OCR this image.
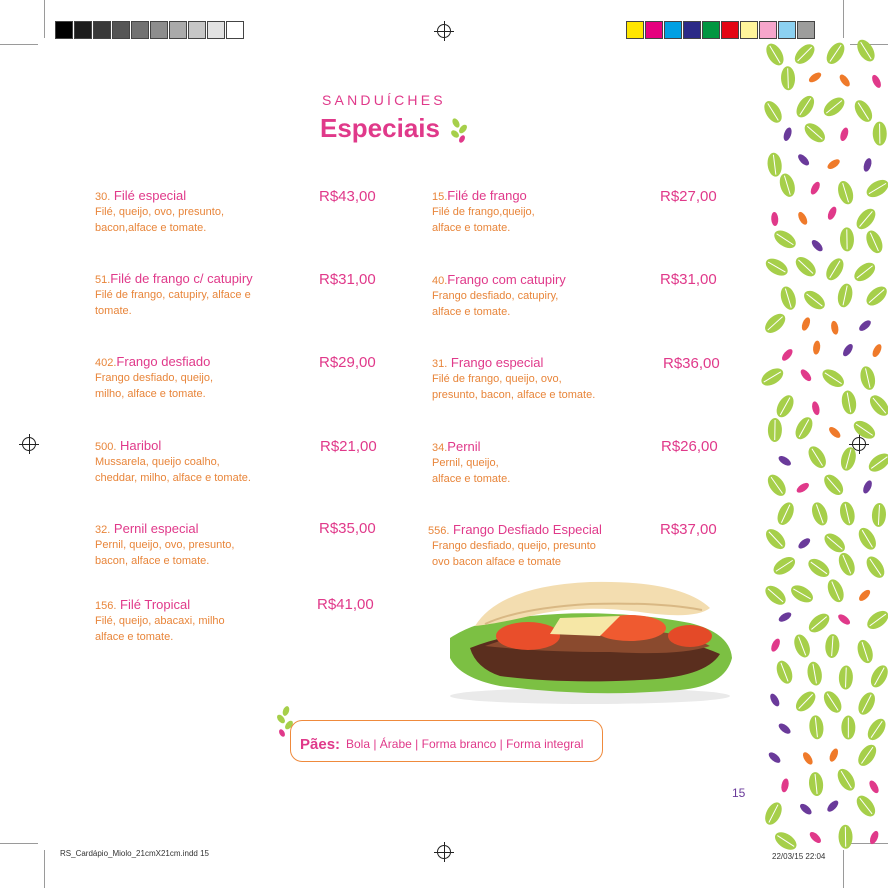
SANDUÍCHES
Especiais
30. Filé especial
Filé, queijo, ovo, presunto,
bacon,alface e tomate.
R$43,00
51.Filé de frango c/ catupiry
Filé de frango, catupiry, alface e
tomate.
R$31,00
402.Frango desfiado
Frango desfiado, queijo,
milho, alface e tomate.
R$29,00
500. Haribol
Mussarela, queijo coalho,
cheddar, milho, alface e tomate.
R$21,00
32. Pernil especial
Pernil, queijo, ovo, presunto,
bacon, alface e tomate.
R$35,00
156. Filé Tropical
Filé, queijo, abacaxi, milho
alface e tomate.
R$41,00
15.Filé de frango
Filé de frango,queijo,
alface e tomate.
R$27,00
40.Frango com catupiry
Frango desfiado, catupiry,
alface e tomate.
R$31,00
31. Frango especial
Filé de frango, queijo, ovo,
presunto, bacon, alface e tomate.
R$36,00
34.Pernil
Pernil, queijo,
alface e tomate.
R$26,00
556. Frango Desfiado Especial
Frango desfiado, queijo, presunto
ovo bacon alface e tomate
R$37,00
Pães: Bola | Árabe | Forma branco | Forma integral
15
RS_Cardápio_Miolo_21cmX21cm.indd 15	22/03/15 22:04
